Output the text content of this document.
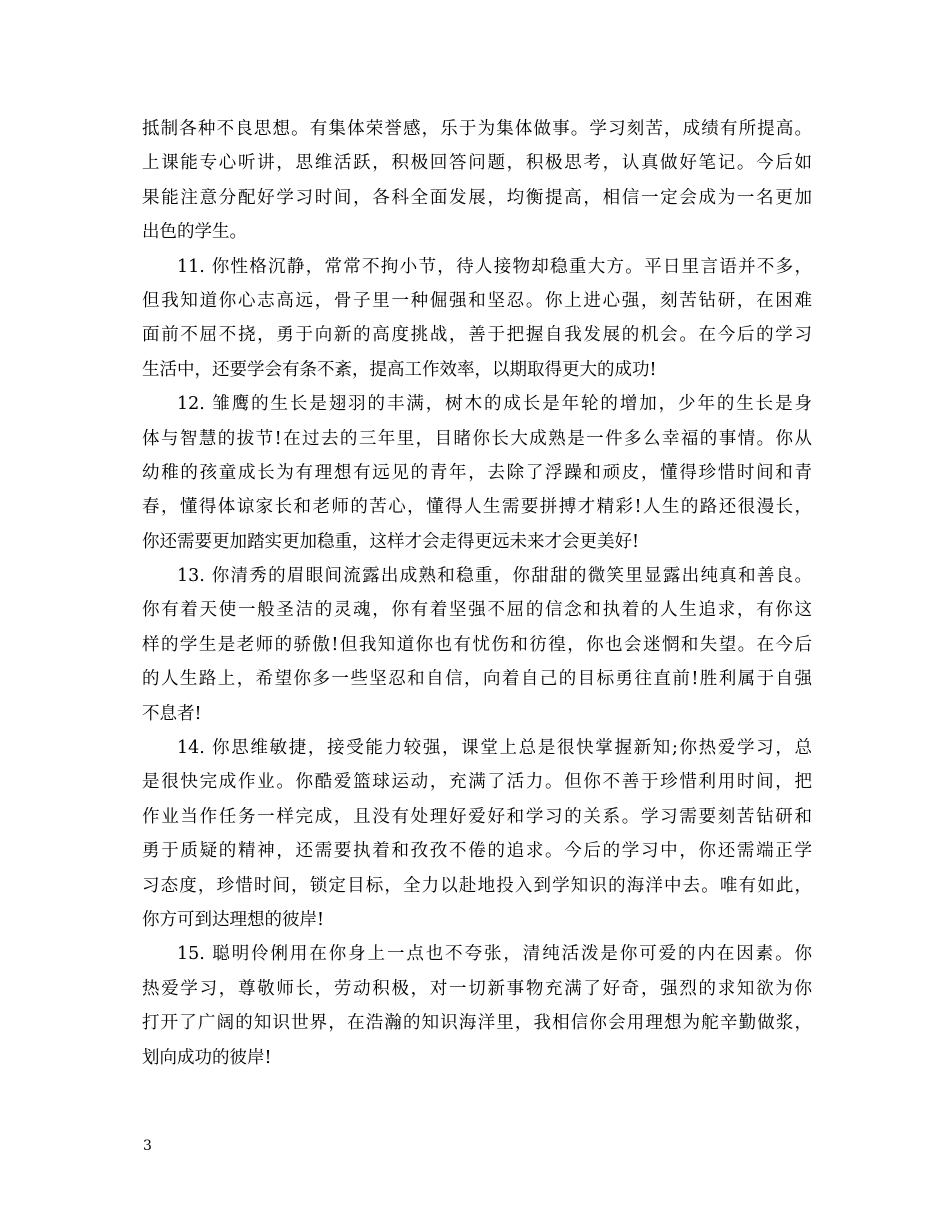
抵制各种不良思想。有集体荣誉感，乐于为集体做事。学习刻苦，成绩有所提高。
上课能专心听讲，思维活跃，积极回答问题，积极思考，认真做好笔记。今后如
果能注意分配好学习时间，各科全面发展，均衡提高，相信一定会成为一名更加
出色的学生。
11. 你性格沉静，常常不拘小节，待人接物却稳重大方。平日里言语并不多，
但我知道你心志高远，骨子里一种倔强和坚忍。你上进心强，刻苦钻研，在困难
面前不屈不挠，勇于向新的高度挑战，善于把握自我发展的机会。在今后的学习
生活中，还要学会有条不紊，提高工作效率，以期取得更大的成功!
12. 雏鹰的生长是翅羽的丰满，树木的成长是年轮的增加，少年的生长是身
体与智慧的拔节!在过去的三年里，目睹你长大成熟是一件多么幸福的事情。你从
幼稚的孩童成长为有理想有远见的青年，去除了浮躁和顽皮，懂得珍惜时间和青
春，懂得体谅家长和老师的苦心，懂得人生需要拼搏才精彩!人生的路还很漫长，
你还需要更加踏实更加稳重，这样才会走得更远未来才会更美好!
13. 你清秀的眉眼间流露出成熟和稳重，你甜甜的微笑里显露出纯真和善良。
你有着天使一般圣洁的灵魂，你有着坚强不屈的信念和执着的人生追求，有你这
样的学生是老师的骄傲!但我知道你也有忧伤和彷徨，你也会迷惘和失望。在今后
的人生路上，希望你多一些坚忍和自信，向着自己的目标勇往直前!胜利属于自强
不息者!
14. 你思维敏捷，接受能力较强，课堂上总是很快掌握新知;你热爱学习，总
是很快完成作业。你酷爱篮球运动，充满了活力。但你不善于珍惜利用时间，把
作业当作任务一样完成，且没有处理好爱好和学习的关系。学习需要刻苦钻研和
勇于质疑的精神，还需要执着和孜孜不倦的追求。今后的学习中，你还需端正学
习态度，珍惜时间，锁定目标，全力以赴地投入到学知识的海洋中去。唯有如此，
你方可到达理想的彼岸!
15. 聪明伶俐用在你身上一点也不夸张，清纯活泼是你可爱的内在因素。你
热爱学习，尊敬师长，劳动积极，对一切新事物充满了好奇，强烈的求知欲为你
打开了广阔的知识世界，在浩瀚的知识海洋里，我相信你会用理想为舵辛勤做浆，
划向成功的彼岸!
3
